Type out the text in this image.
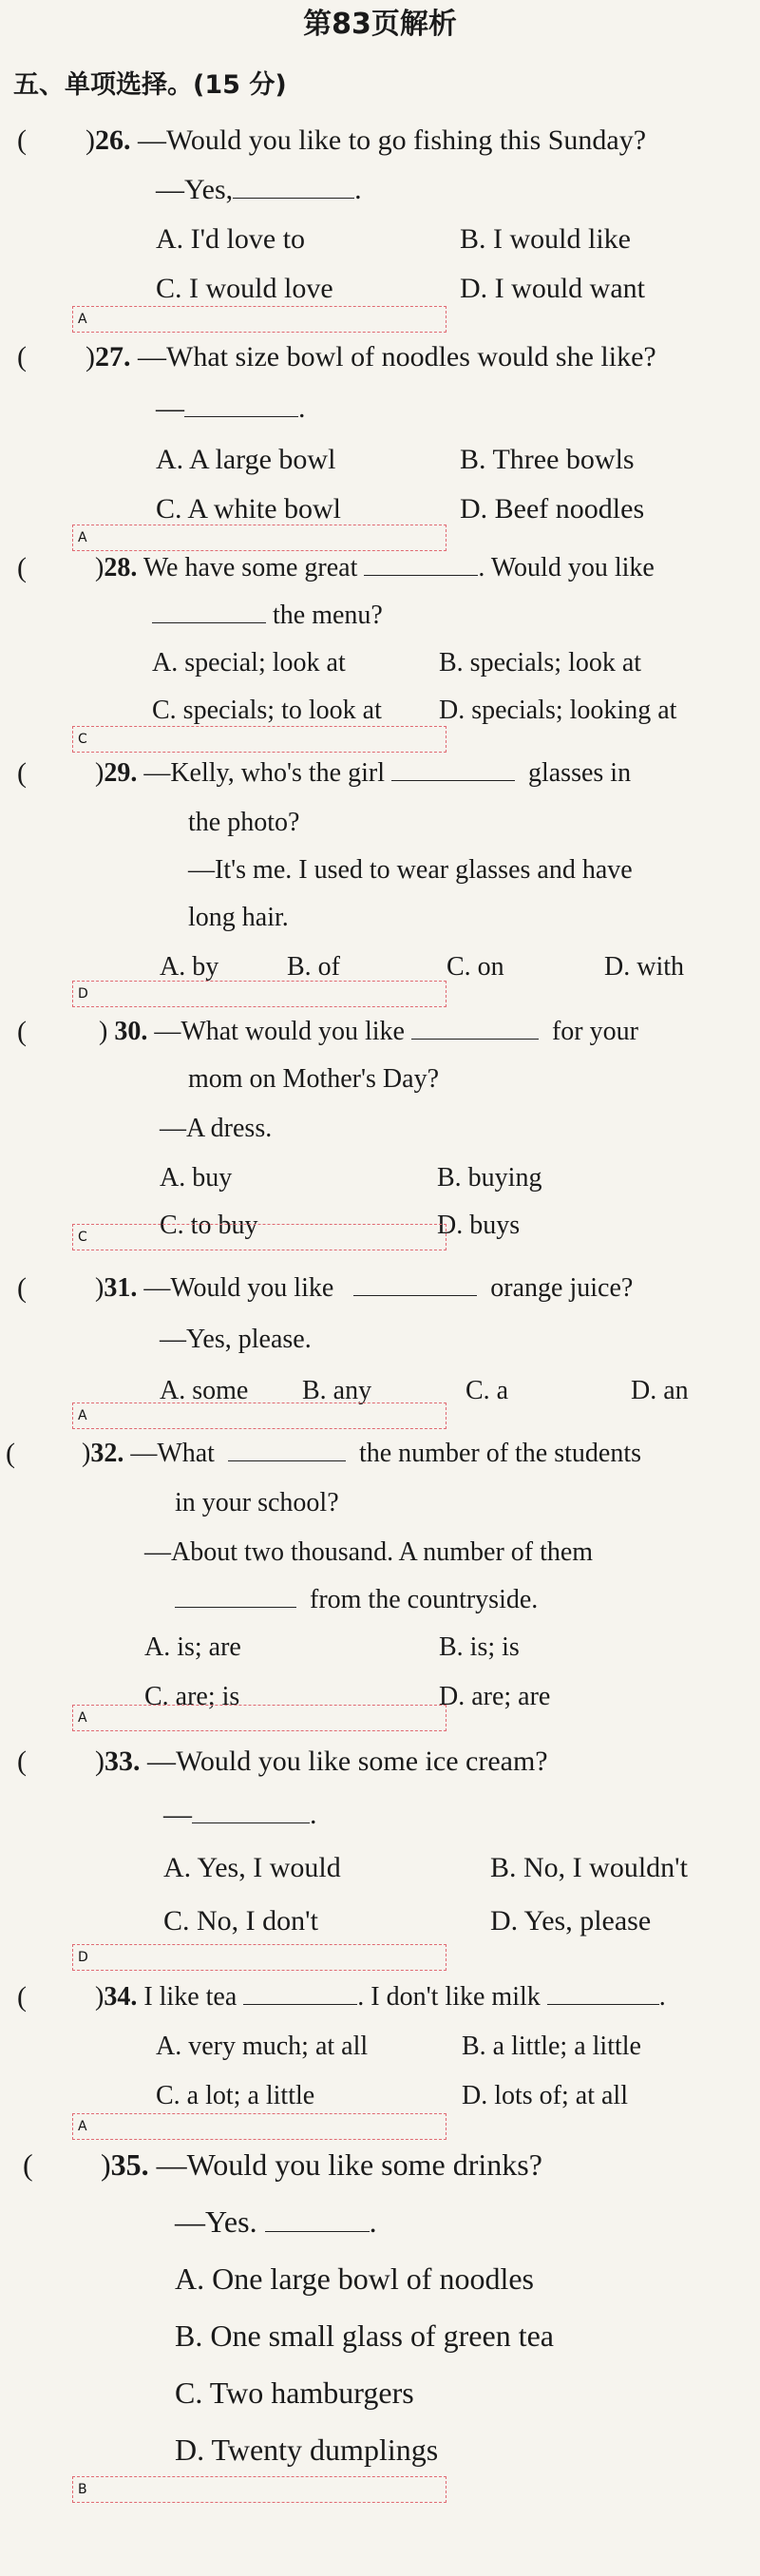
第83页解析
五、单项选择。(15 分)
( )26. —Would you like to go fishing this Sunday?
—Yes,	.
A. I'd love to	B. I would like
C. I would love	D. I would want
A
( )27. —What size bowl of noodles would she like?
—	.
A. A large bowl	B. Three bowls
C. A white bowl	D. Beef noodles
A
(	)28. We have some great	. Would you like
the menu?
A. special; look at	B. specials; look at
C. specials; to look at D. specials; looking at
C
(	)29. —Kelly, who's the girl	glasses in
the photo?
—It's me. I used to wear glasses and have
long hair.
A. by	B. of	C. on	D. with
D
(	) 30. —What would you like	for your
mom on Mother's Day?
—A dress.
A. buy	B. buying
C. to buy	D. buys
C
(	)31. —Would you like	orange juice?
—Yes, please.
A. some B. any	C. a	D. an
A
(	)32. —What	the number of the students
in your school?
—About two thousand. A number of them
from the countryside.
A. is; are	B. is; is
C. are; is	D. are; are
A
( )33. —Would you like some ice cream?
—	.
A. Yes, I would	B. No, I wouldn't
C. No, I don't	D. Yes, please
D
(	)34. I like tea	. I don't like milk	.
A. very much; at all	B. a little; a little
C. a lot; a little	D. lots of; at all
A
( )35. —Would you like some drinks?
—Yes.	.
A. One large bowl of noodles
B. One small glass of green tea
C. Two hamburgers
D. Twenty dumplings
B
